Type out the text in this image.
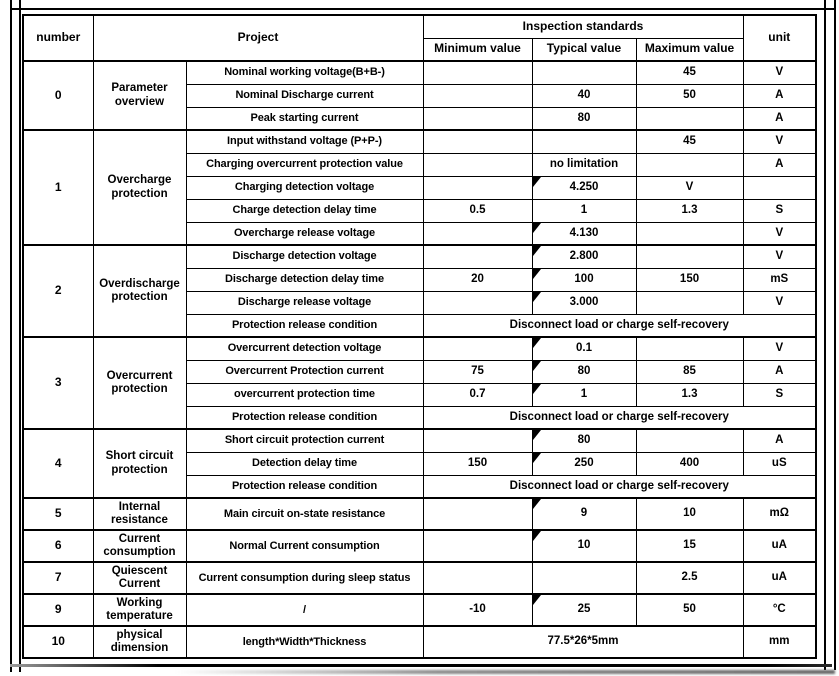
number	Project		Inspection standards			unit
			Minimum value	Typical value	Maximum value	
0	Parameter overview	Nominal working voltage(B+B-)			45	V
		Nominal Discharge current		40	50	A
		Peak starting current		80		A
1	Overcharge protection	Input withstand voltage (P+P-)			45	V
		Charging overcurrent protection value		no limitation		A
		Charging detection voltage		4.250	V	
		Charge detection delay time	0.5	1	1.3	S
		Overcharge release voltage		4.130		V
2	Overdischarge protection	Discharge detection voltage		2.800		V
		Discharge detection delay time	20	100	150	mS
		Discharge release voltage		3.000		V
		Protection release condition	Disconnect load or charge self-recovery			
3	Overcurrent protection	Overcurrent detection voltage		0.1		V
		Overcurrent Protection current	75	80	85	A
		overcurrent protection time	0.7	1	1.3	S
		Protection release condition	Disconnect load or charge self-recovery			
4	Short circuit protection	Short circuit protection current		80		A
		Detection delay time	150	250	400	uS
		Protection release condition	Disconnect load or charge self-recovery			
5	Internal resistance	Main circuit on-state resistance		9	10	mΩ
6	Current consumption	Normal Current consumption		10	15	uA
7	Quiescent Current	Current consumption during sleep status			2.5	uA
9	Working temperature	/	-10	25	50	°C
10	physical dimension	length*Width*Thickness	77.5*26*5mm			mm
